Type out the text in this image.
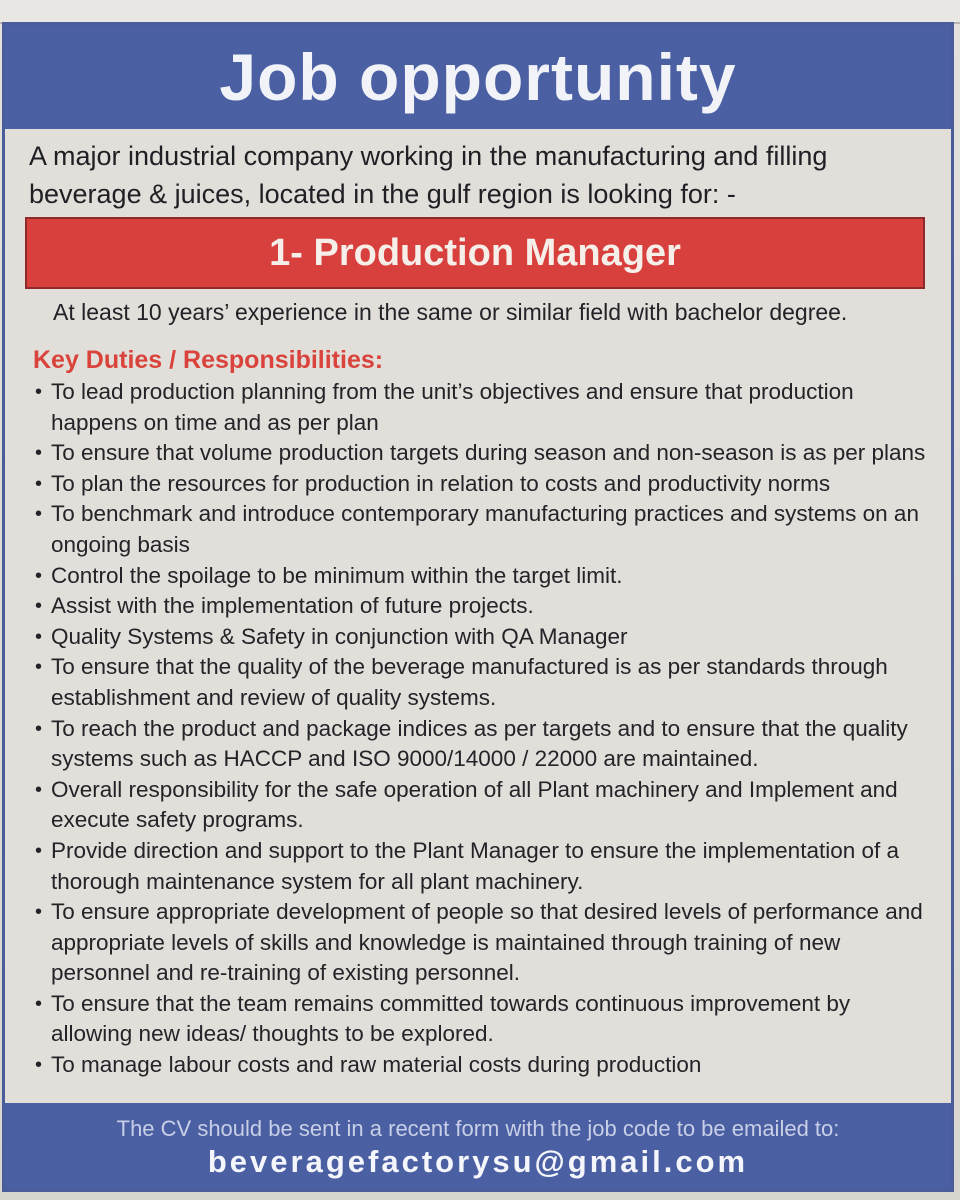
Job opportunity
A major industrial company working in the manufacturing and filling beverage & juices, located in the gulf region is looking for: -
1- Production Manager
At least 10 years’ experience in the same or similar field with bachelor degree.
Key Duties / Responsibilities:
• To lead production planning from the unit’s objectives and ensure that production happens on time and as per plan
• To ensure that volume production targets during season and non-season is as per plans
• To plan the resources for production in relation to costs and productivity norms
• To benchmark and introduce contemporary manufacturing practices and systems on an ongoing basis
• Control the spoilage to be minimum within the target limit.
• Assist with the implementation of future projects.
• Quality Systems & Safety in conjunction with QA Manager
• To ensure that the quality of the beverage manufactured is as per standards through establishment and review of quality systems.
• To reach the product and package indices as per targets and to ensure that the quality systems such as HACCP and ISO 9000/14000 / 22000 are maintained.
• Overall responsibility for the safe operation of all Plant machinery and Implement and execute safety programs.
• Provide direction and support to the Plant Manager to ensure the implementation of a thorough maintenance system for all plant machinery.
• To ensure appropriate development of people so that desired levels of performance and appropriate levels of skills and knowledge is maintained through training of new personnel and re-training of existing personnel.
• To ensure that the team remains committed towards continuous improvement by allowing new ideas/ thoughts to be explored.
• To manage labour costs and raw material costs during production
The CV should be sent in a recent form with the job code to be emailed to:
beveragefactorysu@gmail.com
